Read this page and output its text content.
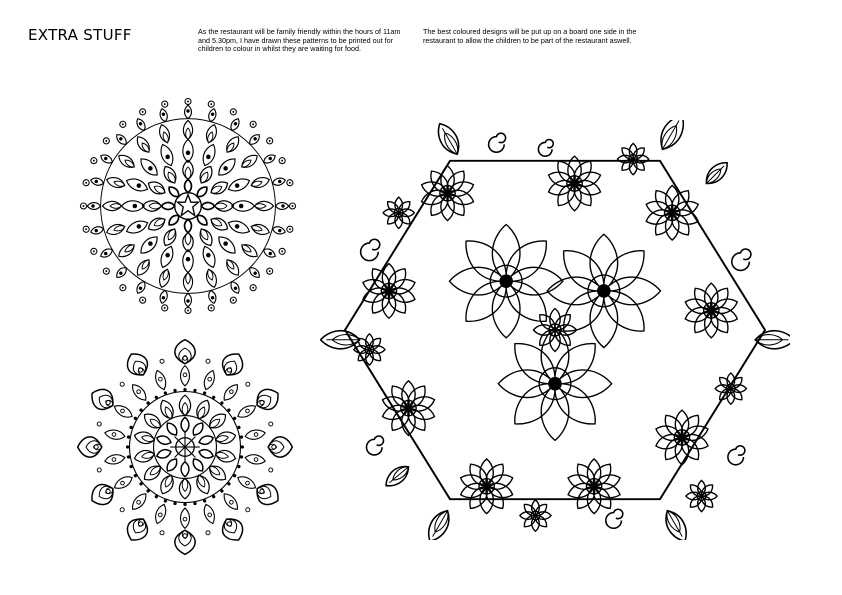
EXTRA STUFF	As the restaurant will be family friendly within the hours of 11am and 5.30pm, I have drawn these patterns to be printed out for children to colour in whilst they are waiting for food.

The best coloured designs will be put up on a board one side in the restaurant to allow the children to be part of the restaurant aswell.
